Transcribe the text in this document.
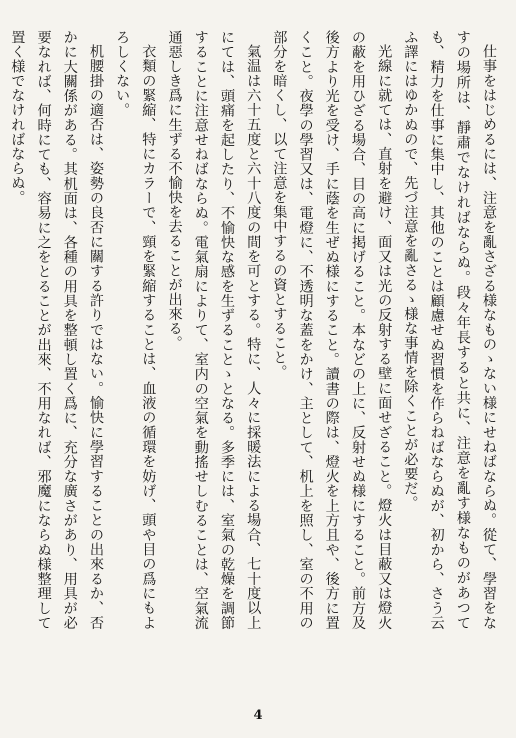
仕事をはじめるには、注意を亂さざる様なものゝない様にせねばならぬ。從て、學習をなすの場所は、靜肅でなければならぬ。段々年長すると共に、注意を亂す様なものがあつても、精力を仕事に集中し、其他のことは顧慮せぬ習慣を作らねばならぬが、初から、さう云ふ譯にはゆかぬので、先づ注意を亂さるゝ様な事情を除くことが必要だ。

光線に就ては、直射を避け、面又は光の反射する壁に面せざること。燈火は目蔽又は燈火の蔽を用ひざる場合、目の高に掲げること。本などの上に、反射せぬ様にすること。前方及後方より光を受け、手に蔭を生ぜぬ様にすること。讀書の際は、燈火を上方且や、後方に置くこと。夜學の學習又は、電燈に、不透明な蓋をかけ、主として、机上を照し、室の不用の部分を暗くし、以て注意を集中するの資とすること。

氣温は六十五度と六十八度の間を可とする。特に、人々に採暖法による場合、七十度以上にては、頭痛を起したり、不愉快な感を生ずることゝとなる。多季には、室氣の乾燥を調節することに注意せねばならぬ。電氣扇によりて、室内の空氣を動搖せしむることは、空氣流通惡しき爲に生ずる不愉快を去ることが出來る。

衣類の緊縮、特にカラーで、頸を緊縮することは、血液の循環を妨げ、頭や目の爲にもよろしくない。

机腰掛の適否は、姿勢の良否に關する許りではない。愉快に學習することの出來るか、否かに大關係がある。其机面は、各種の用具を整頓し置く爲に、充分な廣さがあり、用具が必要なれば、何時にても、容易に之をとることが出來、不用なれば、邪魔にならぬ様整理して置く様でなければならぬ。

4
